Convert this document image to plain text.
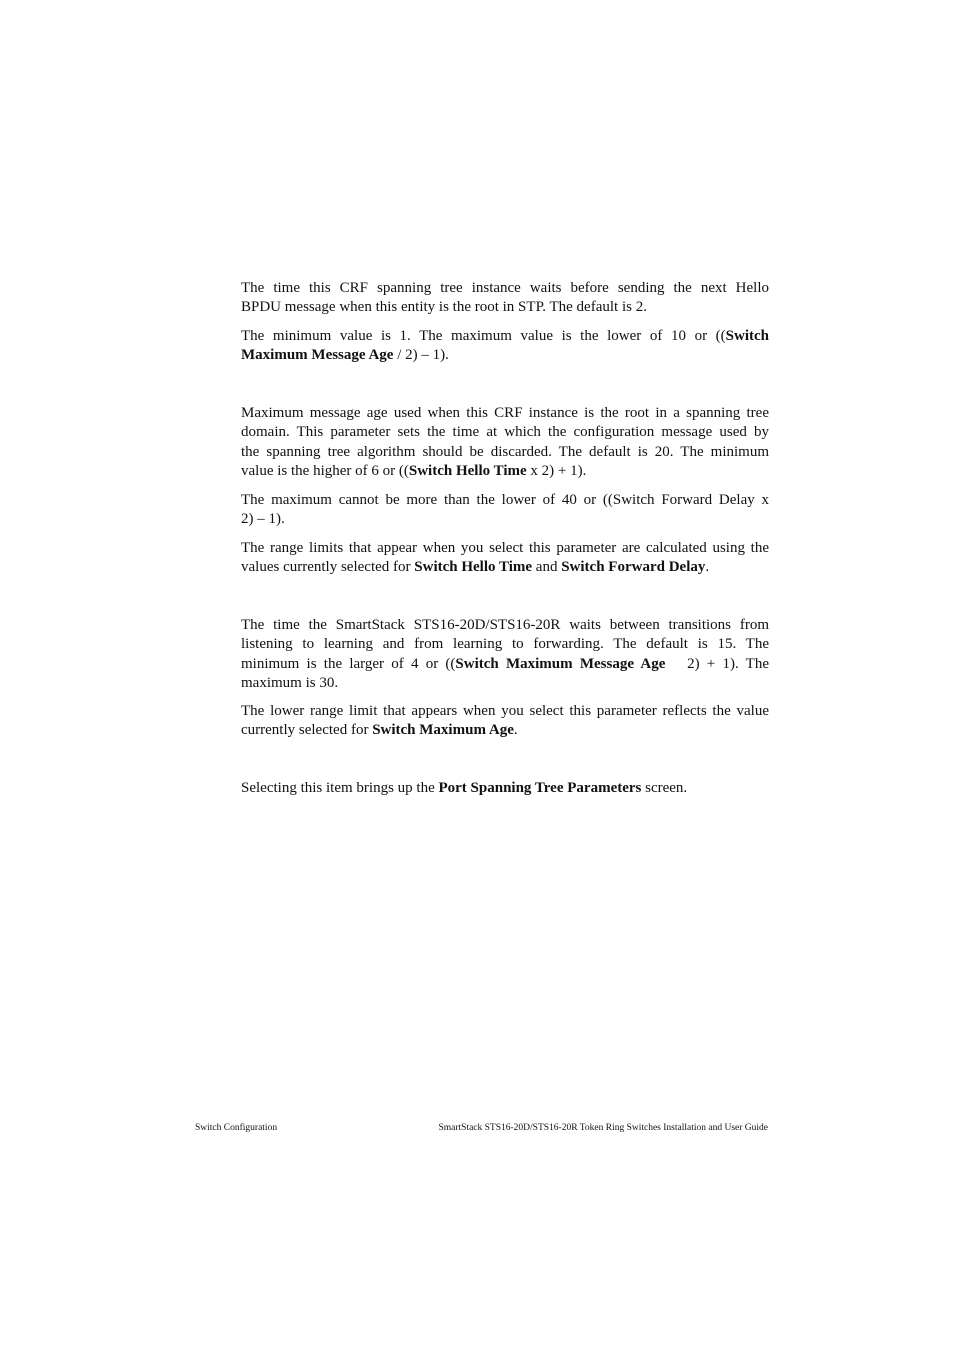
The time this CRF spanning tree instance waits before sending the next Hello
BPDU message when this entity is the root in STP. The default is 2.

The minimum value is 1. The maximum value is the lower of 10 or ((Switch
Maximum Message Age / 2) – 1).

Maximum message age used when this CRF instance is the root in a spanning tree
domain. This parameter sets the time at which the configuration message used by
the spanning tree algorithm should be discarded. The default is 20. The minimum
value is the higher of 6 or ((Switch Hello Time x 2) + 1).

The maximum cannot be more than the lower of 40 or ((Switch Forward Delay x
2) – 1).

The range limits that appear when you select this parameter are calculated using the
values currently selected for Switch Hello Time and Switch Forward Delay.

The time the SmartStack STS16-20D/STS16-20R waits between transitions from
listening to learning and from learning to forwarding. The default is 15. The
minimum is the larger of 4 or ((Switch Maximum Message Age   2) + 1). The
maximum is 30.

The lower range limit that appears when you select this parameter reflects the value
currently selected for Switch Maximum Age.

Selecting this item brings up the Port Spanning Tree Parameters screen.

Switch Configuration	SmartStack STS16-20D/STS16-20R Token Ring Switches Installation and User Guide
